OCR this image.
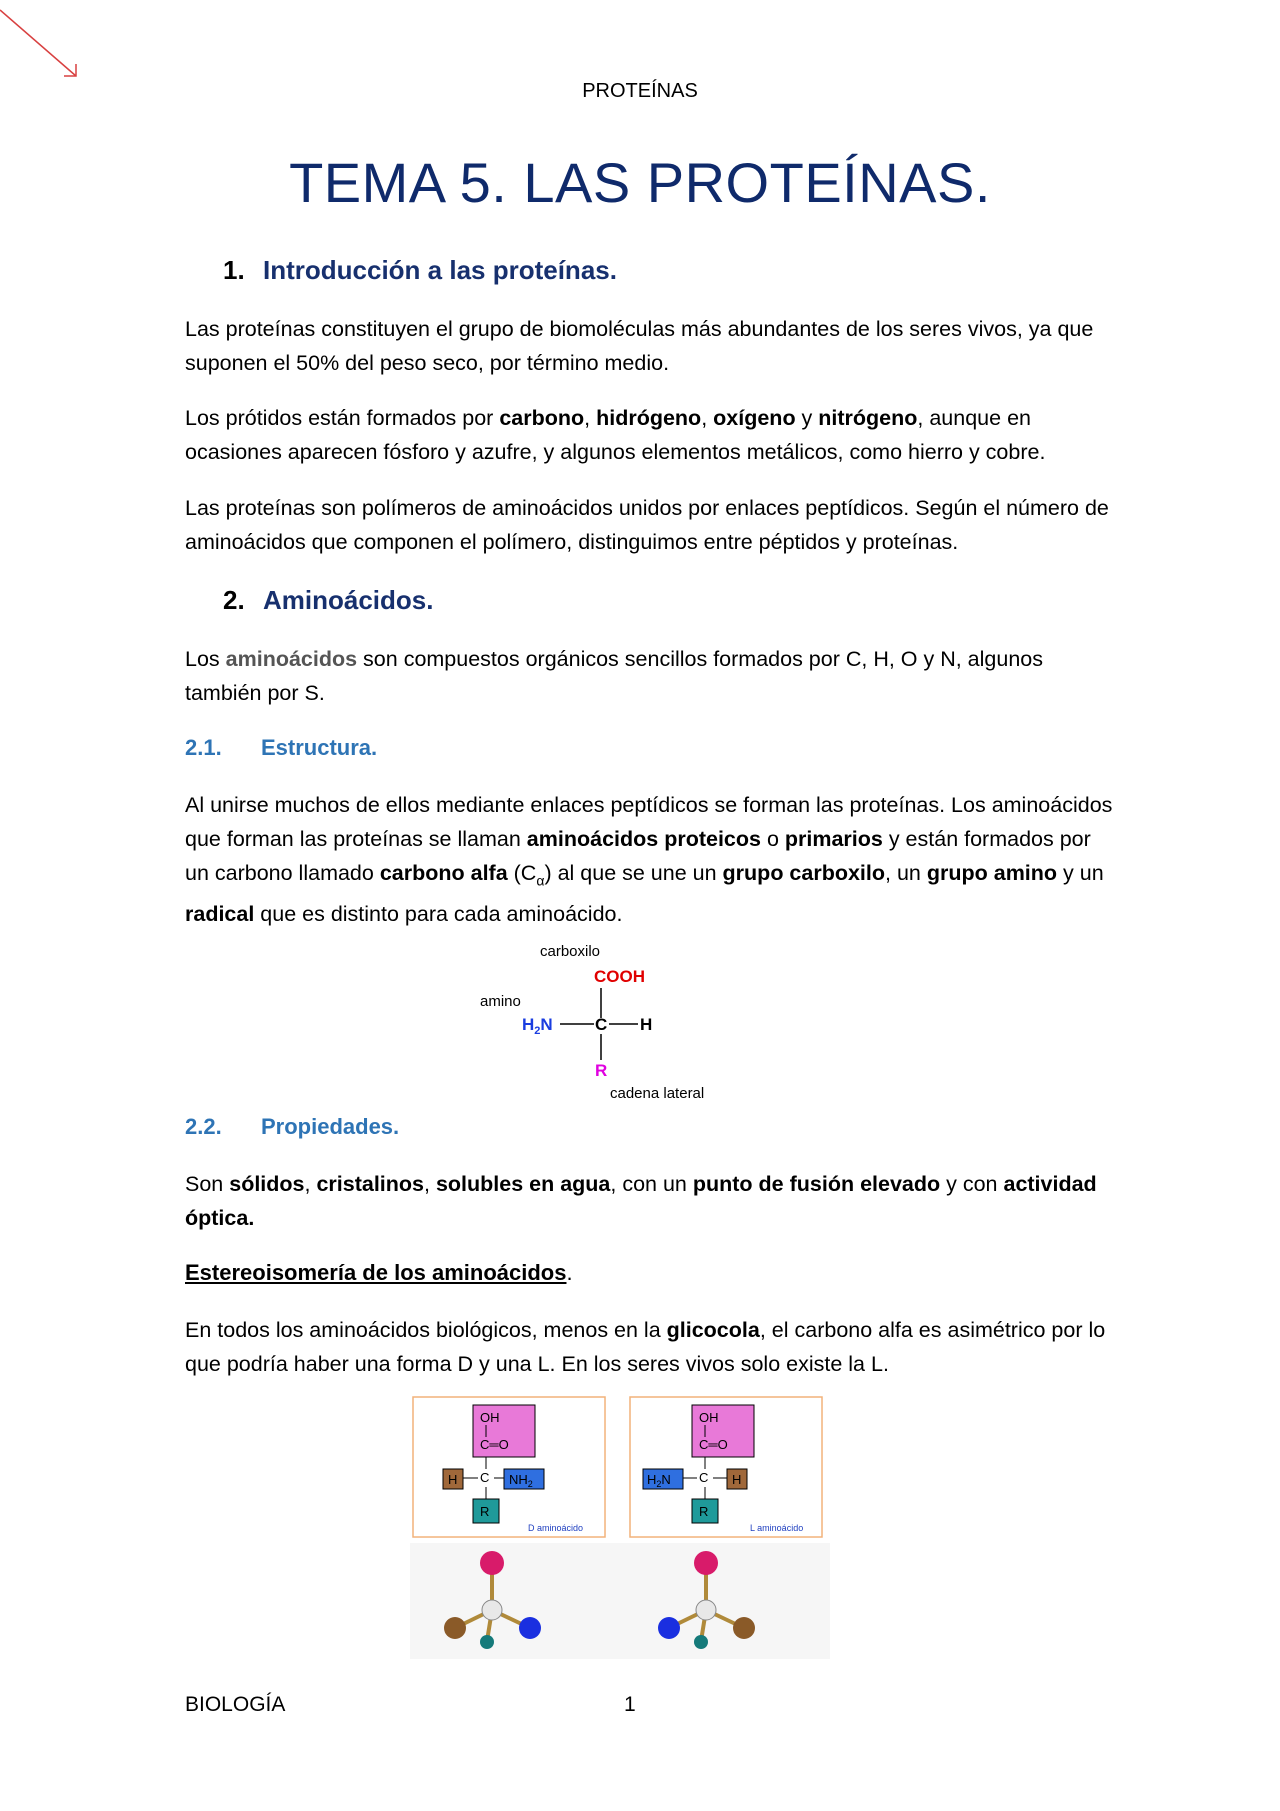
PROTEÍNAS
TEMA 5. LAS PROTEÍNAS.
1. Introducción a las proteínas.

Las proteínas constituyen el grupo de biomoléculas más abundantes de los seres vivos, ya que suponen el 50% del peso seco, por término medio.

Los prótidos están formados por carbono, hidrógeno, oxígeno y nitrógeno, aunque en ocasiones aparecen fósforo y azufre, y algunos elementos metálicos, como hierro y cobre.

Las proteínas son polímeros de aminoácidos unidos por enlaces peptídicos. Según el número de aminoácidos que componen el polímero, distinguimos entre péptidos y proteínas.

2. Aminoácidos.

Los aminoácidos son compuestos orgánicos sencillos formados por C, H, O y N, algunos también por S.

2.1. Estructura.

Al unirse muchos de ellos mediante enlaces peptídicos se forman las proteínas. Los aminoácidos que forman las proteínas se llaman aminoácidos proteicos o primarios y están formados por un carbono llamado carbono alfa $(C_\alpha)$ al que se une un grupo carboxilo, un grupo amino y un radical que es distinto para cada aminoácido.

carboxilo
COOH
amino
$H_2N$ C H
R
cadena lateral
2.2. Propiedades.

Son sólidos, cristalinos, solubles en agua, con un punto de fusión elevado y con actividad óptica.

Estereoisomería de los aminoácidos.

En todos los aminoácidos biológicos, menos en la glicocola, el carbono alfa es asimétrico por lo que podría haber una forma D y una L. En los seres vivos solo existe la L.

OH
C═O
C
H	$NH_2$
R
D aminoácido
OH
C═O
C
$H_2N$	H
R
L aminoácido
BIOLOGÍA	1
